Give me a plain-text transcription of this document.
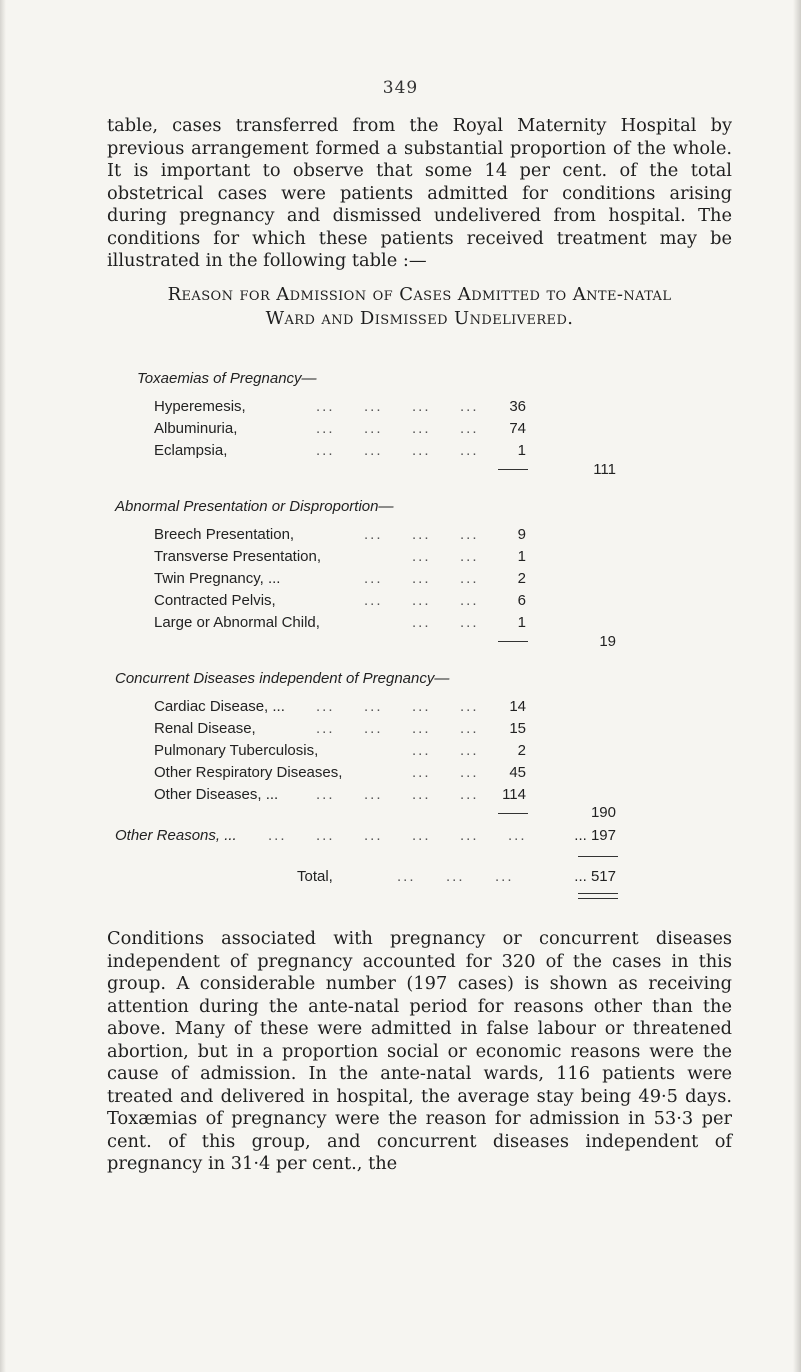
349
table, cases transferred from the Royal Maternity Hospital by previous arrangement formed a substantial proportion of the whole. It is important to observe that some 14 per cent. of the total obstetrical cases were patients admitted for conditions arising during pregnancy and dismissed undelivered from hospital. The conditions for which these patients received treatment may be illustrated in the following table :—
Reason for Admission of Cases Admitted to Ante-natal
Ward and Dismissed Undelivered.
Toxaemias of Pregnancy—
Hyperemesis,	... ... ... ...	36
Albuminuria,	... ... ... ...	74
Eclampsia,	... ... ... ...	1
111
Abnormal Presentation or Disproportion—
Breech Presentation,	... ... ...	9
Transverse Presentation,	... ...	1
Twin Pregnancy, ...	... ... ...	2
Contracted Pelvis,	... ... ...	6
Large or Abnormal Child,	... ...	1
19
Concurrent Diseases independent of Pregnancy—
Cardiac Disease, ... ... ... ... ...	14
Renal Disease,	... ... ... ...	15
Pulmonary Tuberculosis,	... ...	2
Other Respiratory Diseases,	... ...	45
Other Diseases, ...	... ... ... ...	114
190
Other Reasons, ... ... ... ... ... ... ...	... 197
Total,	... ... ...	... 517
Conditions associated with pregnancy or concurrent diseases independent of pregnancy accounted for 320 of the cases in this group. A considerable number (197 cases) is shown as receiving attention during the ante-natal period for reasons other than the above. Many of these were admitted in false labour or threatened abortion, but in a proportion social or economic reasons were the cause of admission. In the ante-natal wards, 116 patients were treated and delivered in hospital, the average stay being 49·5 days. Toxæmias of pregnancy were the reason for admission in 53·3 per cent. of this group, and concurrent diseases independent of pregnancy in 31·4 per cent., the
